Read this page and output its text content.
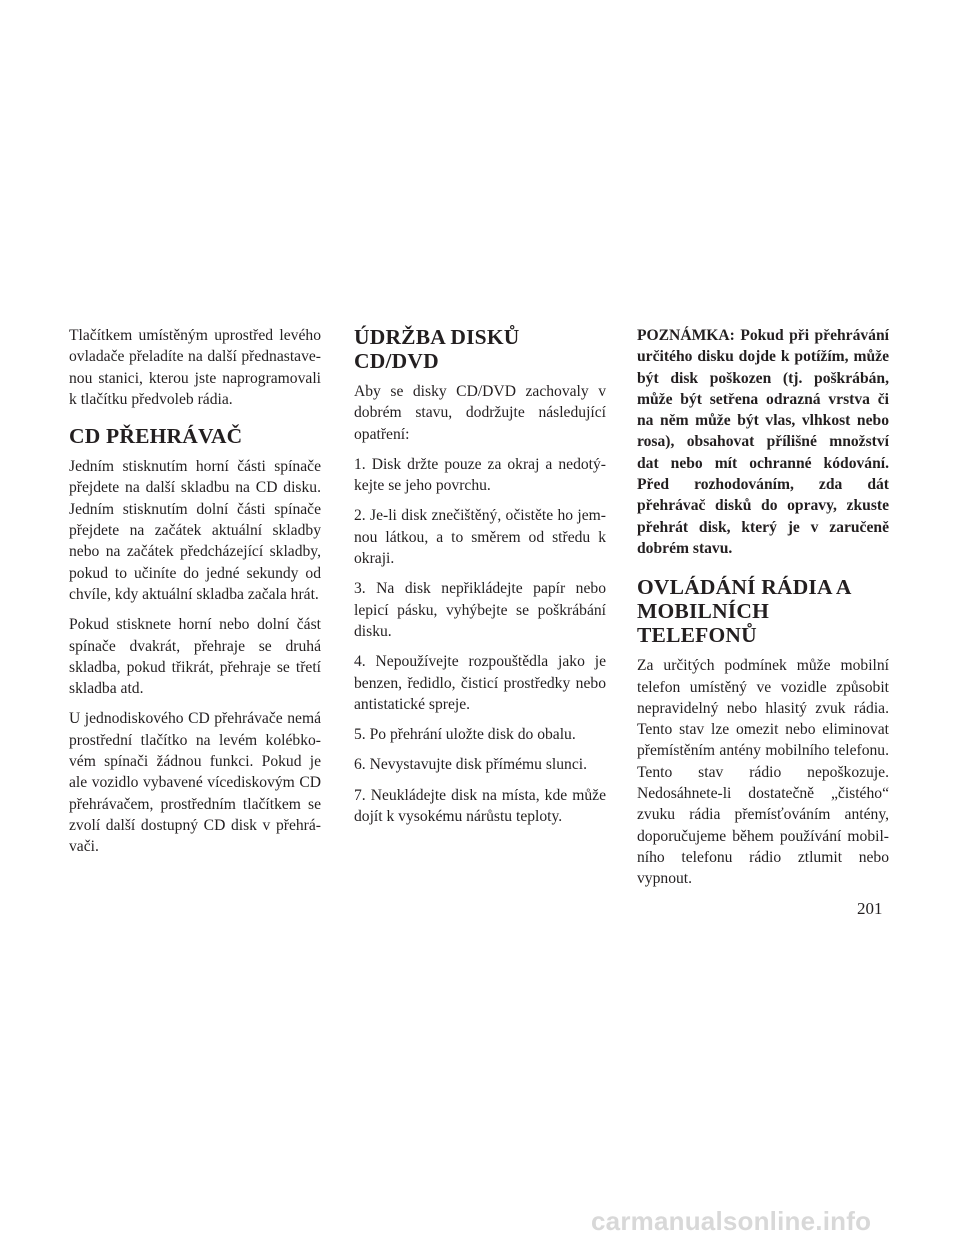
Tlačítkem umístěným uprostřed levého ovladače přeladíte na další přednastavenou stanici, kterou jste naprogramovali k tlačítku předvoleb rádia.

CD PŘEHRÁVAČ

Jedním stisknutím horní části spínače přejdete na další skladbu na CD disku. Jedním stisknutím dolní části spínače přejdete na začátek aktuální skladby nebo na začátek předcházející skladby, pokud to učiníte do jedné sekundy od chvíle, kdy aktuální skladba začala hrát.

Pokud stisknete horní nebo dolní část spínače dvakrát, přehraje se druhá skladba, pokud třikrát, přehraje se třetí skladba atd.

U jednodiskového CD přehrávače nemá prostřední tlačítko na levém kolébkovém spínači žádnou funkci. Pokud je ale vozidlo vybavené vícediskovým CD přehrávačem, prostředním tlačítkem se zvolí další dostupný CD disk v přehrávači.

ÚDRŽBA DISKŮ CD/DVD

Aby se disky CD/DVD zachovaly v dobrém stavu, dodržujte následující opatření:

1. Disk držte pouze za okraj a nedotýkejte se jeho povrchu.

2. Je-li disk znečištěný, očistěte ho jemnou látkou, a to směrem od středu k okraji.

3. Na disk nepřikládejte papír nebo lepicí pásku, vyhýbejte se poškrábání disku.

4. Nepoužívejte rozpouštědla jako je benzen, ředidlo, čisticí prostředky nebo antistatické spreje.

5. Po přehrání uložte disk do obalu.

6. Nevystavujte disk přímému slunci.

7. Neukládejte disk na místa, kde může dojít k vysokému nárůstu teploty.

POZNÁMKA: Pokud při přehrávání určitého disku dojde k potížím, může být disk poškozen (tj. poškrábán, může být setřena odrazná vrstva či na něm může být vlas, vlhkost nebo rosa), obsahovat přílišné množství dat nebo mít ochranné kódování. Před rozhodováním, zda dát přehrávač disků do opravy, zkuste přehrát disk, který je v zaručeně dobrém stavu.

OVLÁDÁNÍ RÁDIA A MOBILNÍCH TELEFONŮ

Za určitých podmínek může mobilní telefon umístěný ve vozidle způsobit nepravidelný nebo hlasitý zvuk rádia. Tento stav lze omezit nebo eliminovat přemístěním antény mobilního telefonu. Tento stav rádio nepoškozuje. Nedosáhnete-li dostatečně „čistého“ zvuku rádia přemísťováním antény, doporučujeme během používání mobilního telefonu rádio ztlumit nebo vypnout.

201
carmanualsonline.info
